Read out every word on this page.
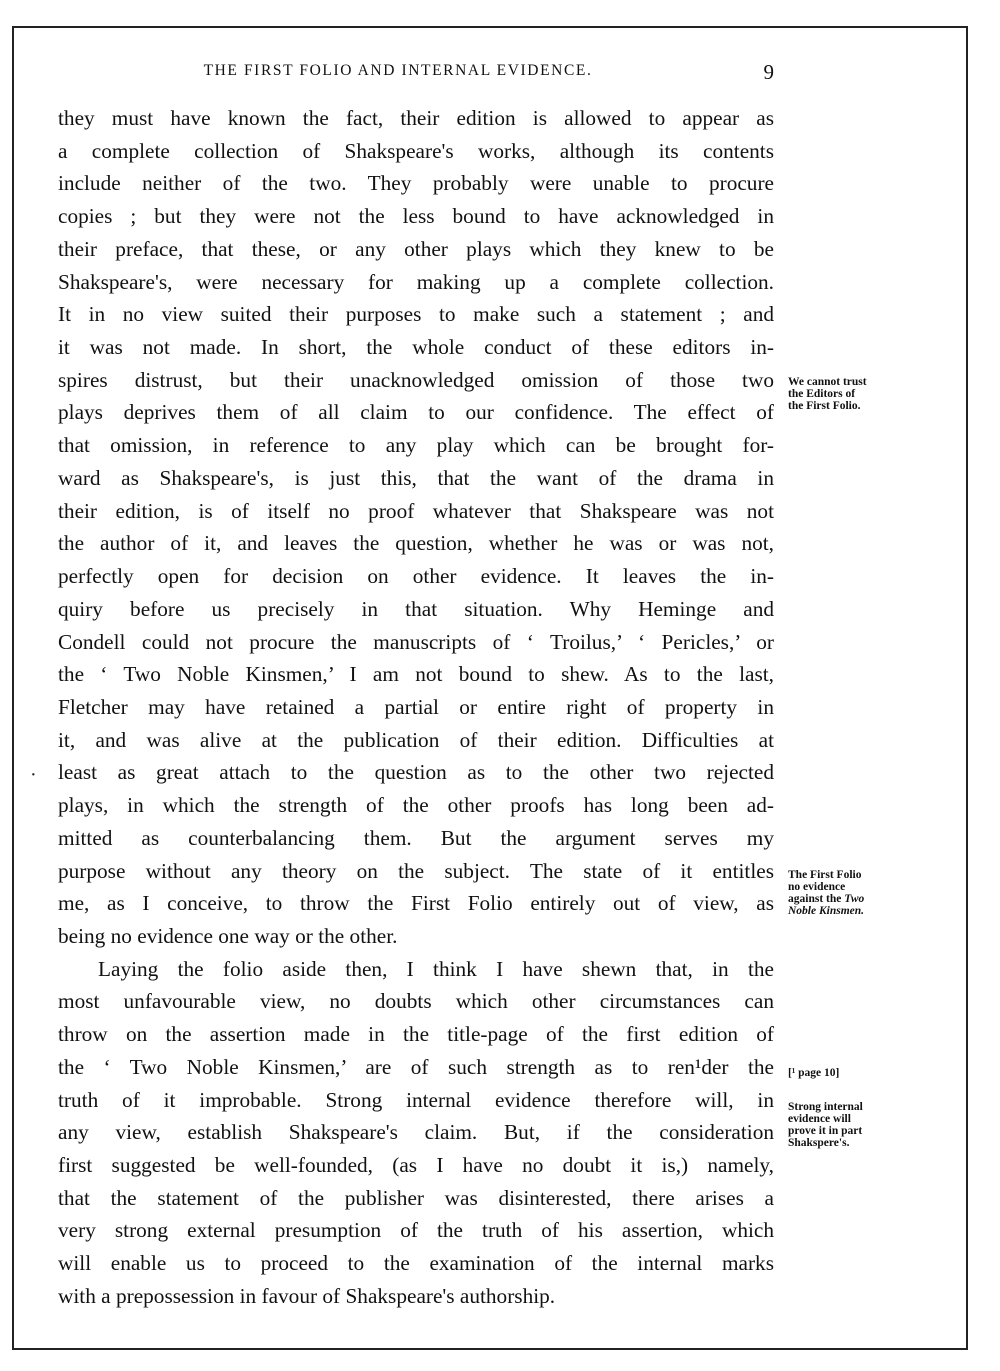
THE FIRST FOLIO AND INTERNAL EVIDENCE.	9
they must have known the fact, their edition is allowed to appear as
a complete collection of Shakspeare's works, although its contents
include neither of the two. They probably were unable to procure
copies ; but they were not the less bound to have acknowledged in
their preface, that these, or any other plays which they knew to be
Shakspeare's, were necessary for making up a complete collection.
It in no view suited their purposes to make such a statement ; and
it was not made. In short, the whole conduct of these editors in-
spires distrust, but their unacknowledged omission of those two
plays deprives them of all claim to our confidence. The effect of
that omission, in reference to any play which can be brought for-
ward as Shakspeare's, is just this, that the want of the drama in
their edition, is of itself no proof whatever that Shakspeare was not
the author of it, and leaves the question, whether he was or was not,
perfectly open for decision on other evidence. It leaves the in-
quiry before us precisely in that situation. Why Heminge and
Condell could not procure the manuscripts of ‘ Troilus,’ ‘ Pericles,’ or
the ‘ Two Noble Kinsmen,’ I am not bound to shew. As to the last,
Fletcher may have retained a partial or entire right of property in
it, and was alive at the publication of their edition. Difficulties at
least as great attach to the question as to the other two rejected
plays, in which the strength of the other proofs has long been ad-
mitted as counterbalancing them. But the argument serves my
purpose without any theory on the subject. The state of it entitles
me, as I conceive, to throw the First Folio entirely out of view, as
being no evidence one way or the other.
Laying the folio aside then, I think I have shewn that, in the
most unfavourable view, no doubts which other circumstances can
throw on the assertion made in the title-page of the first edition of
the ‘ Two Noble Kinsmen,’ are of such strength as to ren¹der the
truth of it improbable. Strong internal evidence therefore will, in
any view, establish Shakspeare's claim. But, if the consideration
first suggested be well-founded, (as I have no doubt it is,) namely,
that the statement of the publisher was disinterested, there arises a
very strong external presumption of the truth of his assertion, which
will enable us to proceed to the examination of the internal marks
with a prepossession in favour of Shakspeare's authorship.
We cannot trust
the Editors of
the First Folio.
The First Folio
no evidence
against the Two
Noble Kinsmen.
[¹ page 10]
Strong internal
evidence will
prove it in part
Shakspere's.
·
